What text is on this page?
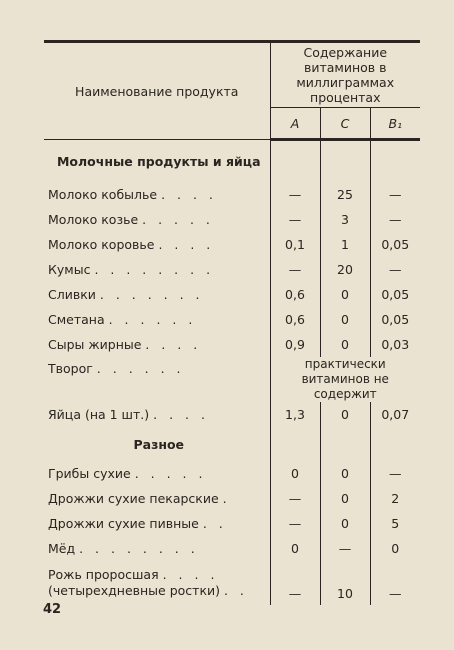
Наименование продукта	Содержание витаминов в миллиграммах процентах		
	А	С	B₁
Молочные продукты и яйца			
Молоко кобылье . . . .	—	25	—
Молоко козье . . . . .	—	3	—
Молоко коровье . . . .	0,1	1	0,05
Кумыс . . . . . . . .	—	20	—
Сливки . . . . . . .	0,6	0	0,05
Сметана . . . . . .	0,6	0	0,05
Сыры жирные . . . .	0,9	0	0,03
Творог . . . . . .	практически витаминов не содержит		
Яйца (на 1 шт.) . . . .	1,3	0	0,07
Разное			
Грибы сухие . . . . .	0	0	—
Дрожжи сухие пекарские .	—	0	2
Дрожжи сухие пивные . .	—	0	5
Мёд . . . . . . . .	0	—	0
Рожь проросшая . . . .
(четырехдневные ростки) . .	—	10	—
42
